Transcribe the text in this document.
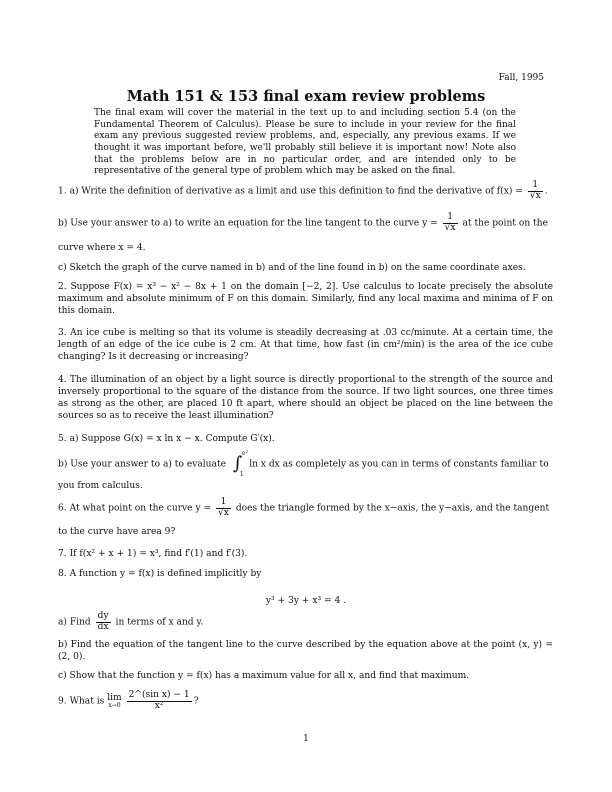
Fall, 1995
Math 151 & 153 final exam review problems
The final exam will cover the material in the text up to and including section 5.4 (on the Fundamental Theorem of Calculus). Please be sure to include in your review for the final exam any previous suggested review problems, and, especially, any previous exams. If we thought it was important before, we'll probably still believe it is important now! Note also that the problems below are in no particular order, and are intended only to be representative of the general type of problem which may be asked on the final.
1. a) Write the definition of derivative as a limit and use this definition to find the derivative of $f(x) = \frac{1}{√x}$ .
b) Use your answer to a) to write an equation for the line tangent to the curve $y = \frac{1}{√x}$ at the point on the
curve where x = 4.
c) Sketch the graph of the curve named in b) and of the line found in b) on the same coordinate axes.
2. Suppose F(x) = x³ − x² − 8x + 1 on the domain [−2, 2]. Use calculus to locate precisely the absolute maximum and absolute minimum of F on this domain. Similarly, find any local maxima and minima of F on this domain.
3. An ice cube is melting so that its volume is steadily decreasing at .03 cc/minute. At a certain time, the length of an edge of the ice cube is 2 cm. At that time, how fast (in cm²/min) is the area of the ice cube changing? Is it decreasing or increasing?
4. The illumination of an object by a light source is directly proportional to the strength of the source and inversely proportional to the square of the distance from the source. If two light sources, one three times as strong as the other, are placed 10 ft apart, where should an object be placed on the line between the sources so as to receive the least illumination?
5. a) Suppose G(x) = x ln x − x. Compute G′(x).
b) Use your answer to a) to evaluate ∫ e²
1
ln x dx as completely as you can in terms of constants familiar to
you from calculus.
6. At what point on the curve $y = \frac{1}{√x}$ does the triangle formed by the x−axis, the y−axis, and the tangent
to the curve have area 9?
7. If f(x² + x + 1) = x³, find f′(1) and f′(3).
8. A function y = f(x) is defined implicitly by
y³ + 3y + x³ = 4 .
a) Find $\frac{dy}{dx}$ in terms of x and y.
b) Find the equation of the tangent line to the curve described by the equation above at the point (x, y) = (2, 0).
c) Show that the function y = f(x) has a maximum value for all x, and find that maximum.
9. What is lim
x→0
$\frac{\text{2\textasciicircum{}(sin x) − 1}}{\text{x²}}$ ?
1
